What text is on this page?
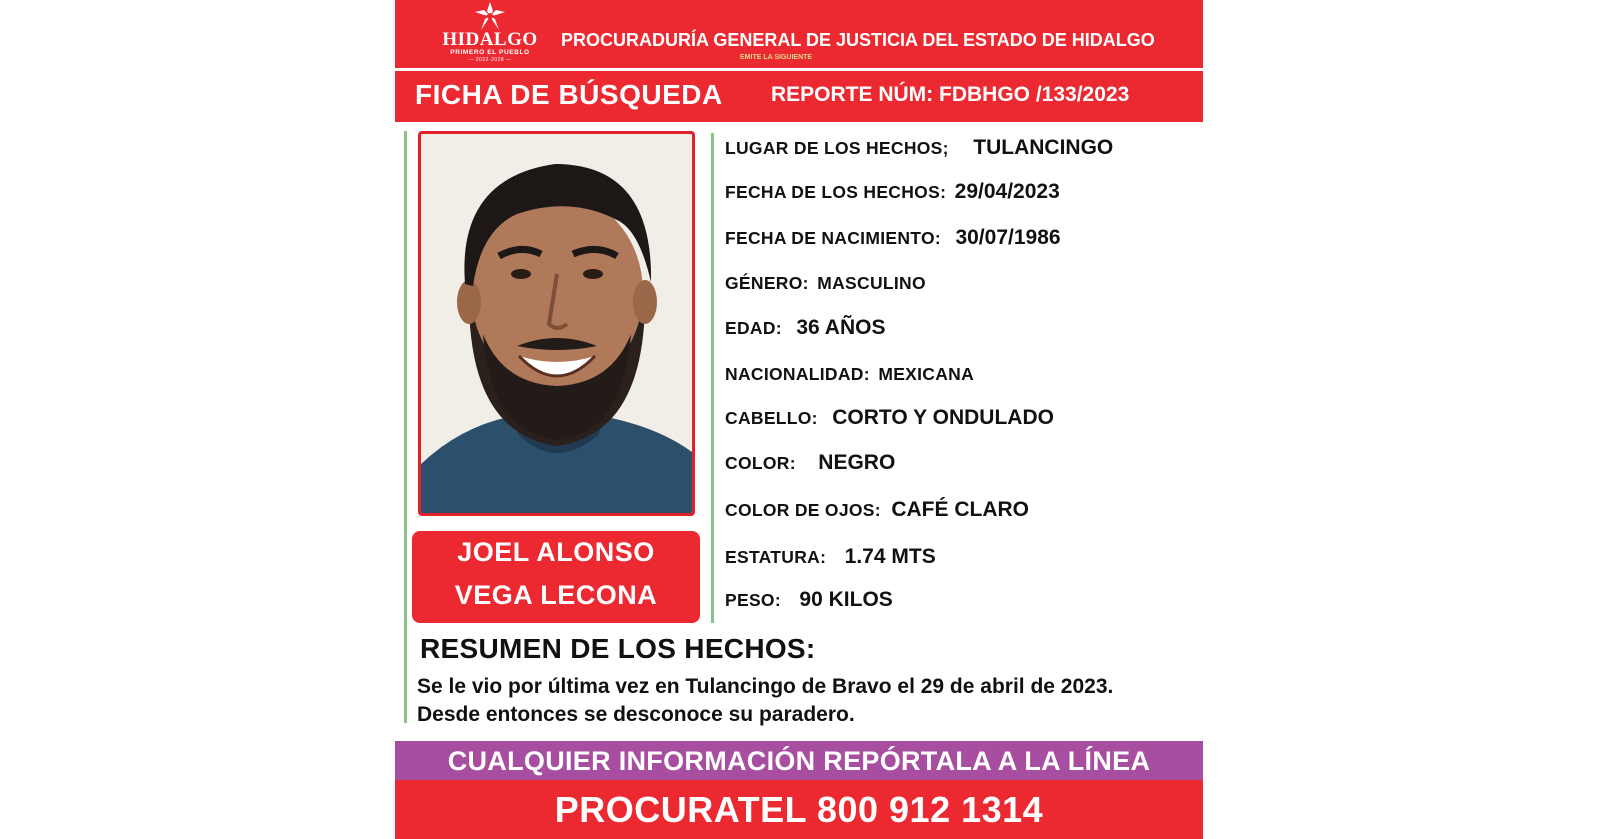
HIDALGO
PRIMERO EL PUEBLO
— 2022-2028 —
PROCURADURÍA GENERAL DE JUSTICIA DEL ESTADO DE HIDALGO
EMITE LA SIGUIENTE
FICHA DE BÚSQUEDA REPORTE NÚM: FDBHGO /133/2023
JOEL ALONSO
VEGA LECONA
LUGAR DE LOS HECHOS; TULANCINGO
FECHA DE LOS HECHOS: 29/04/2023
FECHA DE NACIMIENTO: 30/07/1986
GÉNERO: MASCULINO
EDAD: 36 AÑOS
NACIONALIDAD: MEXICANA
CABELLO: CORTO Y ONDULADO
COLOR: NEGRO
COLOR DE OJOS: CAFÉ CLARO
ESTATURA: 1.74 MTS
PESO: 90 KILOS
RESUMEN DE LOS HECHOS:
Se le vio por última vez en Tulancingo de Bravo el 29 de abril de 2023.
Desde entonces se desconoce su paradero.
CUALQUIER INFORMACIÓN REPÓRTALA A LA LÍNEA
PROCURATEL 800 912 1314
